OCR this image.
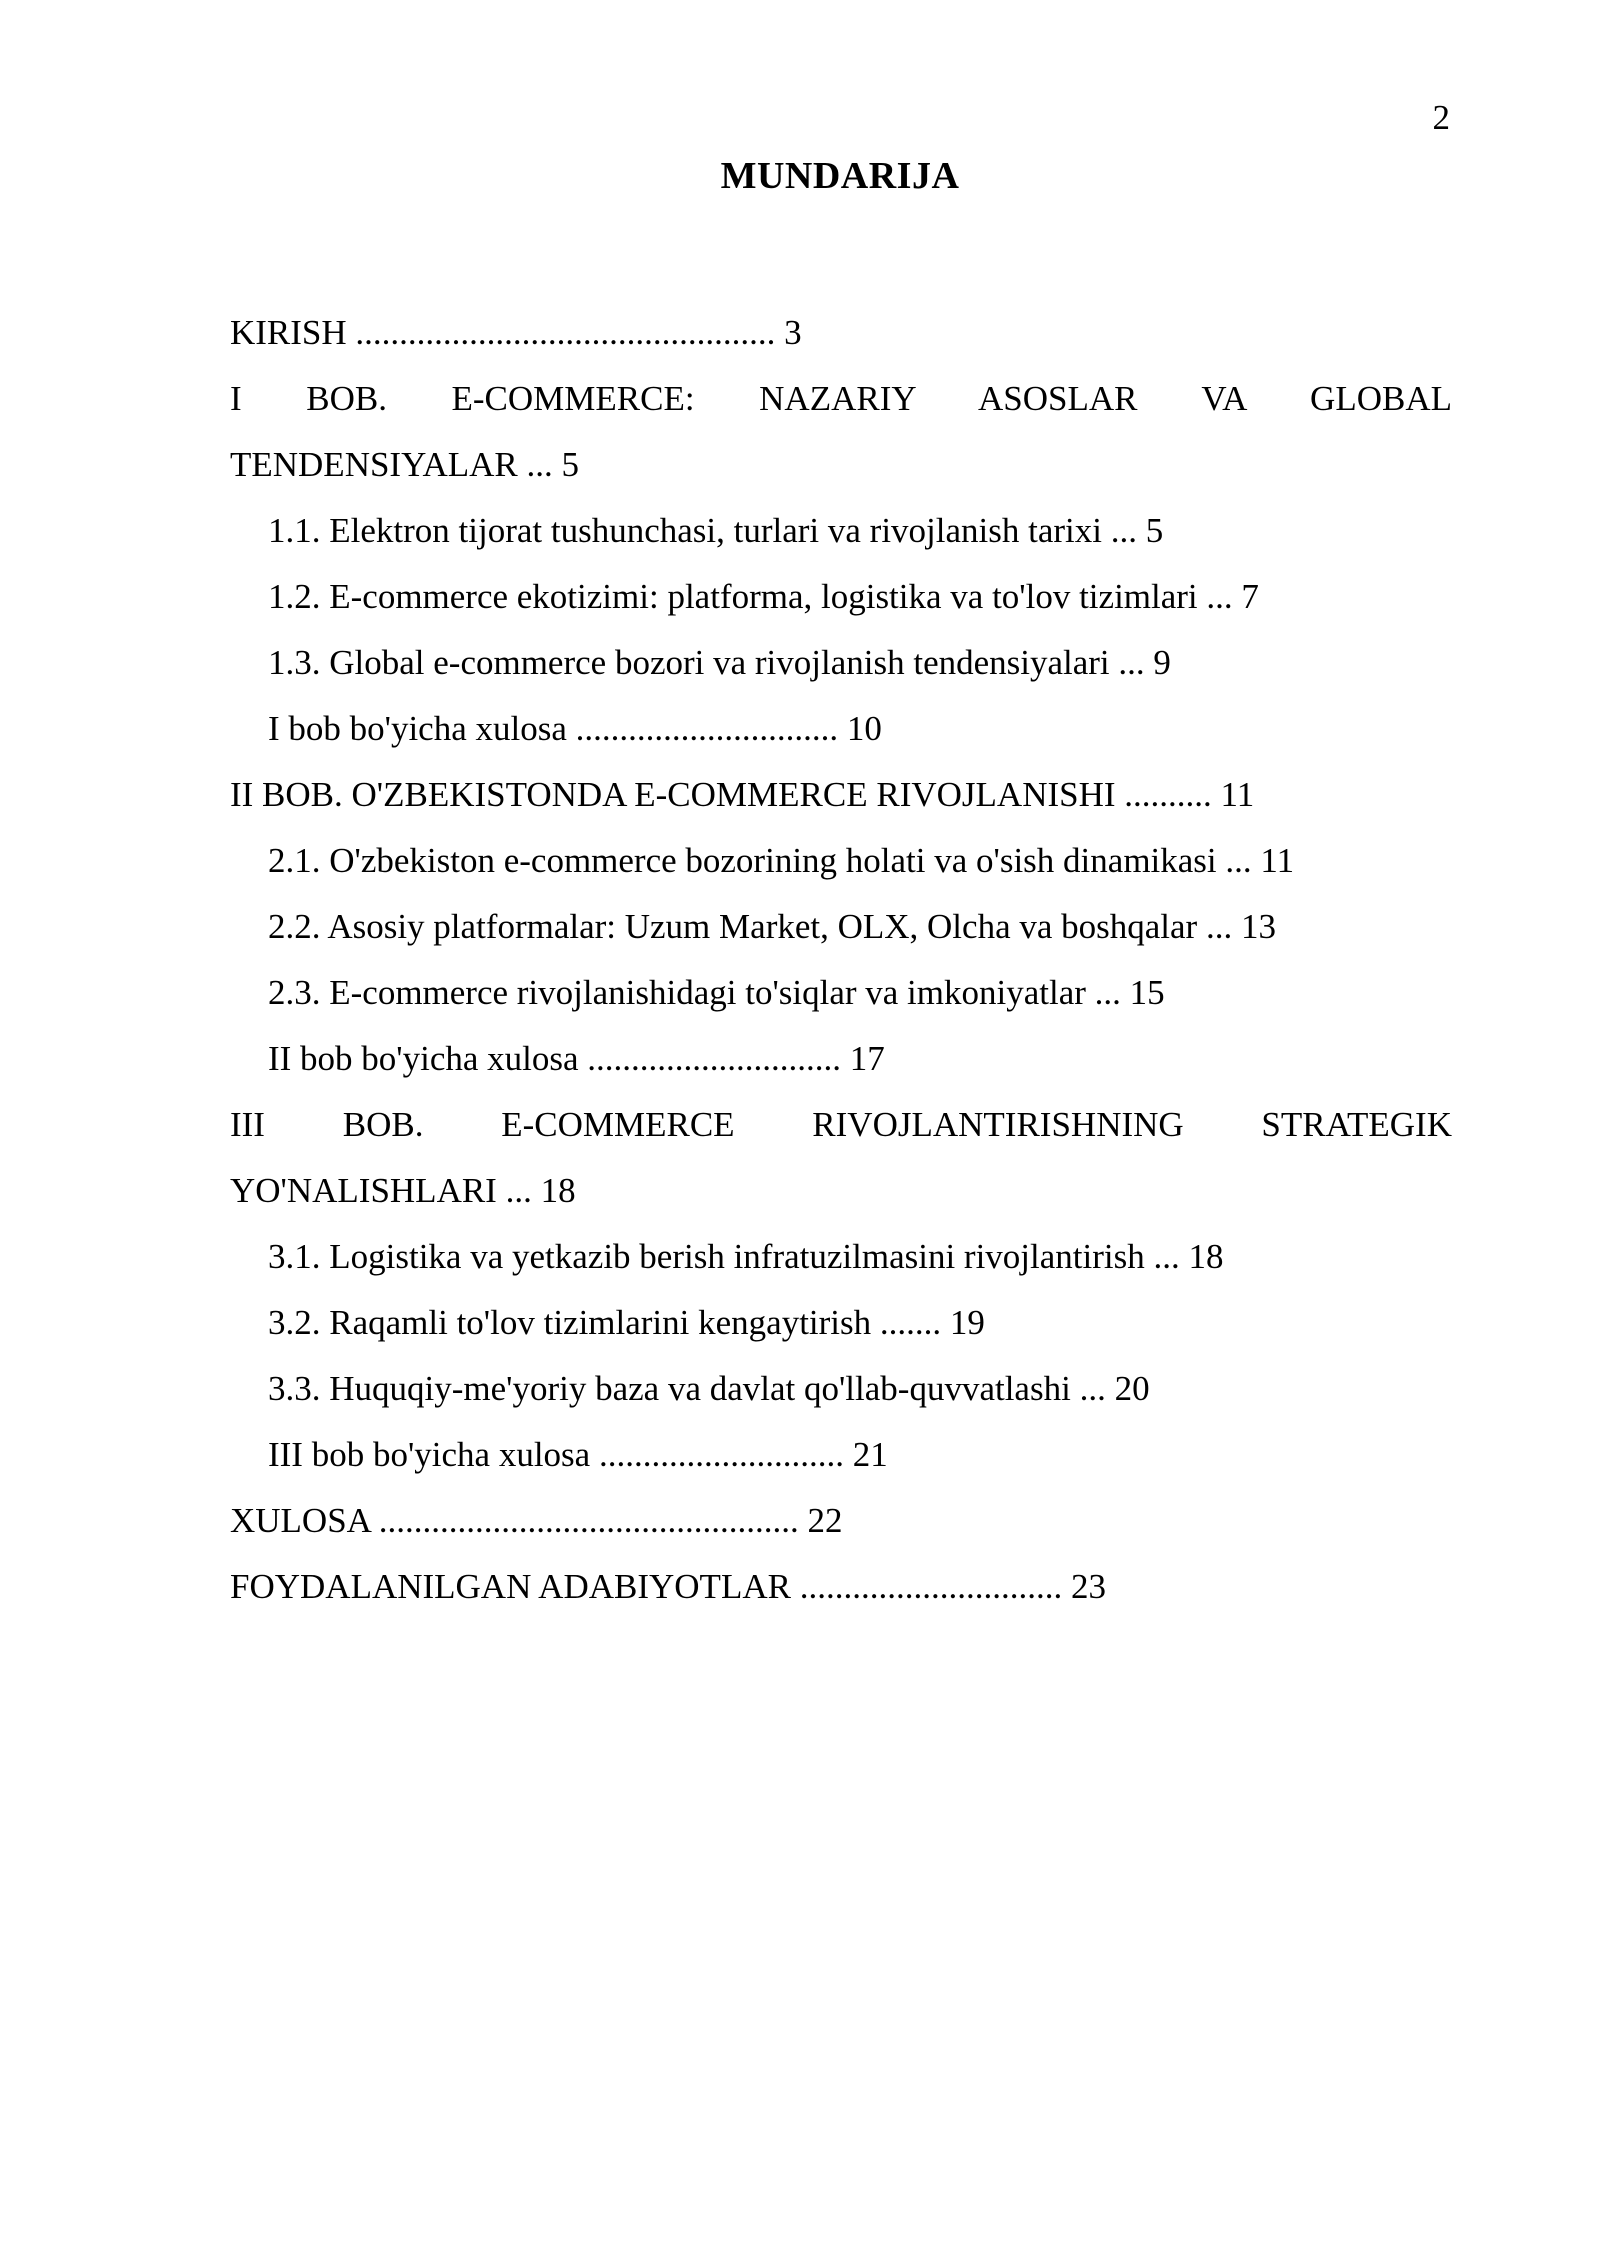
2
MUNDARIJA

KIRISH ................................................ 3

I BOB. E-COMMERCE: NAZARIY ASOSLAR VA GLOBAL
TENDENSIYALAR ... 5

1.1. Elektron tijorat tushunchasi, turlari va rivojlanish tarixi ... 5

1.2. E-commerce ekotizimi: platforma, logistika va to'lov tizimlari ... 7

1.3. Global e-commerce bozori va rivojlanish tendensiyalari ... 9

I bob bo'yicha xulosa .............................. 10

II BOB. O'ZBEKISTONDA E-COMMERCE RIVOJLANISHI .......... 11

2.1. O'zbekiston e-commerce bozorining holati va o'sish dinamikasi ... 11

2.2. Asosiy platformalar: Uzum Market, OLX, Olcha va boshqalar ... 13

2.3. E-commerce rivojlanishidagi to'siqlar va imkoniyatlar ... 15

II bob bo'yicha xulosa ............................. 17

III BOB. E-COMMERCE RIVOJLANTIRISHNING STRATEGIK
YO'NALISHLARI ... 18

3.1. Logistika va yetkazib berish infratuzilmasini rivojlantirish ... 18

3.2. Raqamli to'lov tizimlarini kengaytirish ....... 19

3.3. Huquqiy-me'yoriy baza va davlat qo'llab-quvvatlashi ... 20

III bob bo'yicha xulosa ............................ 21

XULOSA ................................................ 22

FOYDALANILGAN ADABIYOTLAR .............................. 23
